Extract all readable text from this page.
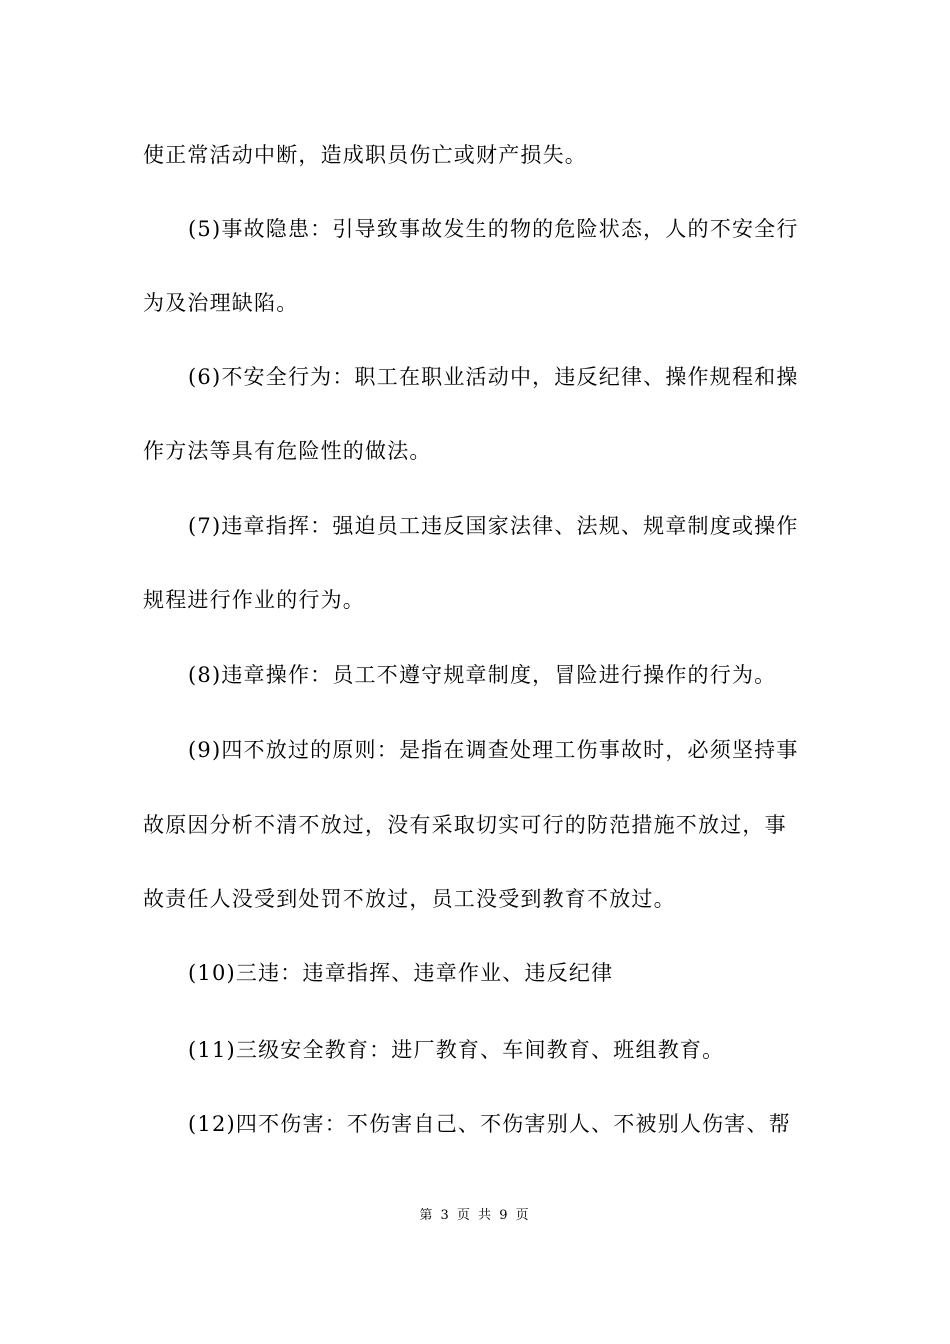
使正常活动中断，造成职员伤亡或财产损失。
(5)事故隐患：引导致事故发生的物的危险状态，人的不安全行
为及治理缺陷。
(6)不安全行为：职工在职业活动中，违反纪律、操作规程和操
作方法等具有危险性的做法。
(7)违章指挥：强迫员工违反国家法律、法规、规章制度或操作
规程进行作业的行为。
(8)违章操作：员工不遵守规章制度，冒险进行操作的行为。
(9)四不放过的原则：是指在调查处理工伤事故时，必须坚持事
故原因分析不清不放过，没有采取切实可行的防范措施不放过，事
故责任人没受到处罚不放过，员工没受到教育不放过。
(10)三违：违章指挥、违章作业、违反纪律
(11)三级安全教育：进厂教育、车间教育、班组教育。
(12)四不伤害：不伤害自己、不伤害别人、不被别人伤害、帮
第 3 页 共 9 页
